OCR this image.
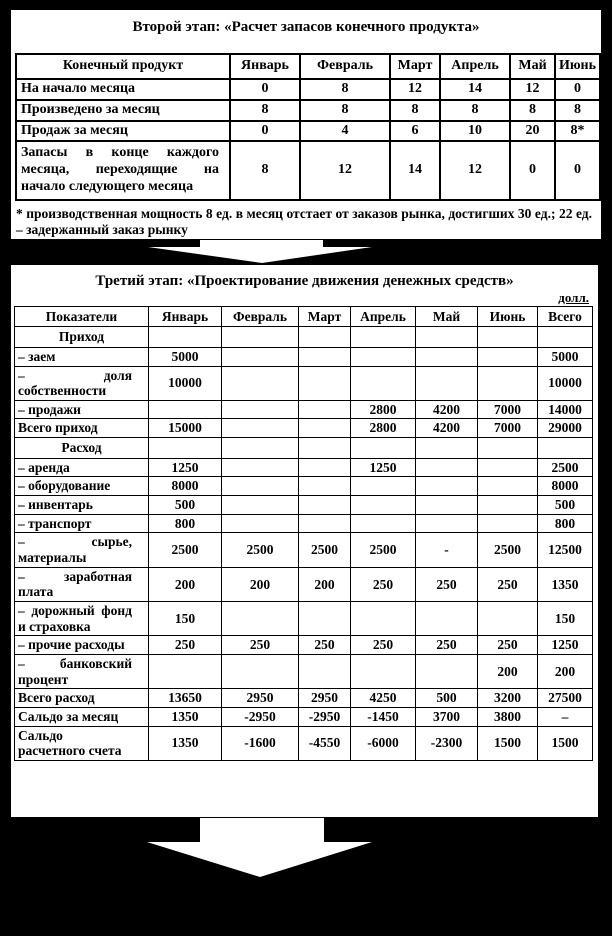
Второй этап: «Расчет запасов конечного продукта»
Конечный продукт	Январь	Февраль	Март	Апрель	Май	Июнь
На начало месяца	0	8	12	14	12	0
Произведено за месяц	8	8	8	8	8	8
Продаж за месяц	0	4	6	10	20	8*
Запасы в конце каждого месяца, переходящие на начало следующего месяца	8	12	14	12	0	0
* производственная мощность 8 ед. в месяц отстает от заказов рынка, достигших 30 ед.; 22 ед. – задержанный заказ рынку
Третий этап: «Проектирование движения денежных средств»
долл.
Показатели	Январь	Февраль	Март	Апрель	Май	Июнь	Всего
Приход							
– заем	5000						5000
– доля собственности	10000						10000
– продажи				2800	4200	7000	14000
Всего приход	15000			2800	4200	7000	29000
Расход							
– аренда	1250			1250			2500
– оборудование	8000						8000
– инвентарь	500						500
– транспорт	800						800
– сырье, материалы	2500	2500	2500	2500	-	2500	12500
– заработная плата	200	200	200	250	250	250	1350
– дорожный фонд и страховка	150						150
– прочие расходы	250	250	250	250	250	250	1250
– банковский процент						200	200
Всего расход	13650	2950	2950	4250	500	3200	27500
Сальдо за месяц	1350	-2950	-2950	-1450	3700	3800	–
Сальдо расчетного счета	1350	-1600	-4550	-6000	-2300	1500	1500
